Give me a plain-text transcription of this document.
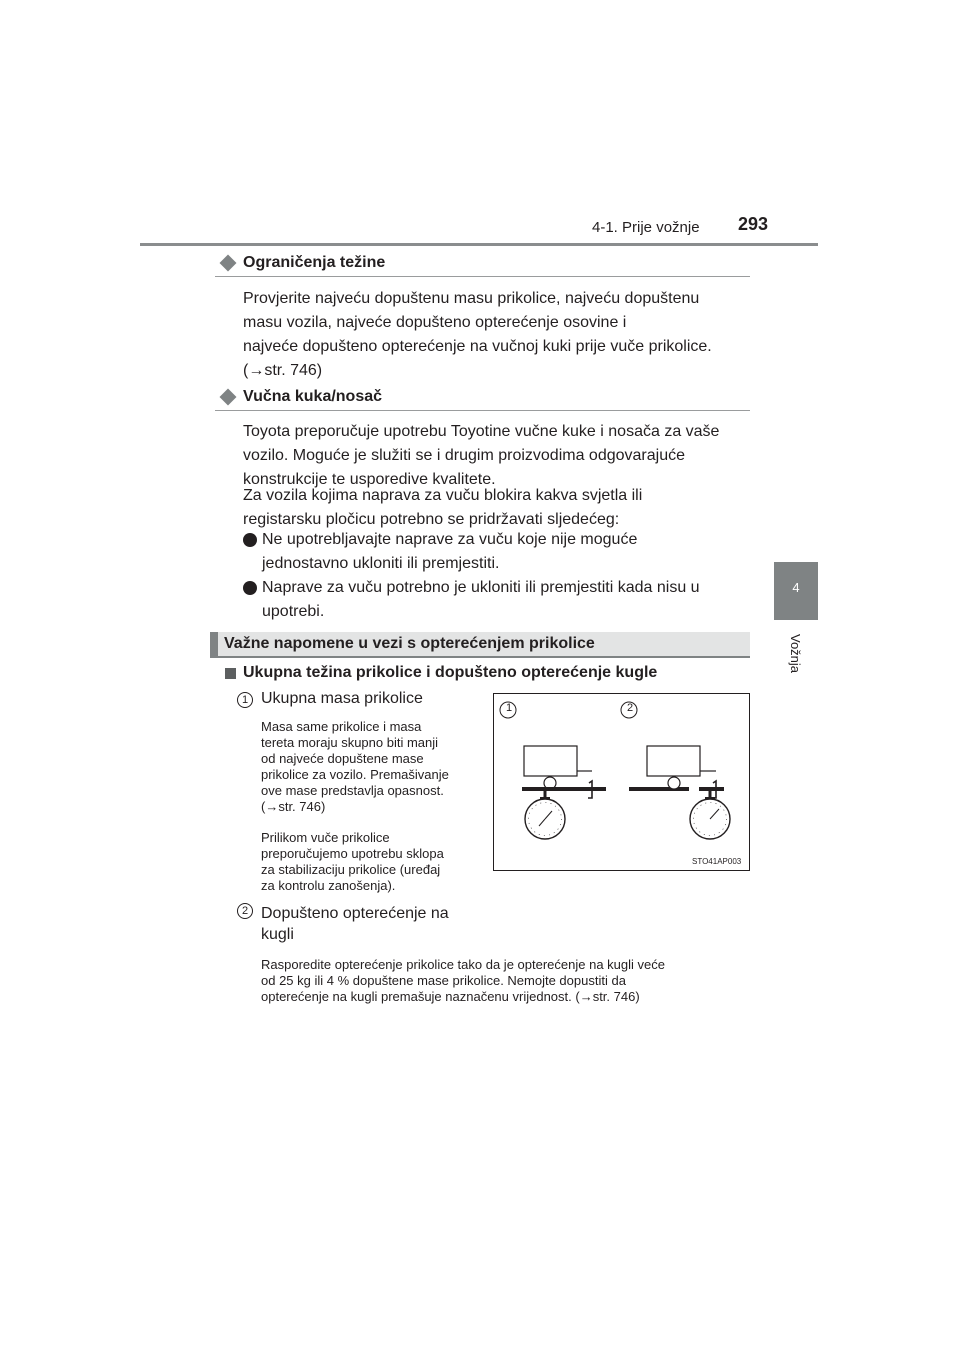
4-1. Prije vožnje 293
4
Vožnja
Ograničenja težine
Provjerite najveću dopuštenu masu prikolice, najveću dopuštenu
masu vozila, najveće dopušteno opterećenje osovine i
najveće dopušteno opterećenje na vučnoj kuki prije vuče prikolice.
(→str. 746)
Vučna kuka/nosač
Toyota preporučuje upotrebu Toyotine vučne kuke i nosača za vaše
vozilo. Moguće je služiti se i drugim proizvodima odgovarajuće
konstrukcije te usporedive kvalitete.
Za vozila kojima naprava za vuču blokira kakva svjetla ili
registarsku pločicu potrebno se pridržavati sljedećeg:
Ne upotrebljavajte naprave za vuču koje nije moguće
jednostavno ukloniti ili premjestiti.
Naprave za vuču potrebno je ukloniti ili premjestiti kada nisu u
upotrebi.
Važne napomene u vezi s opterećenjem prikolice
Ukupna težina prikolice i dopušteno opterećenje kugle
1 Ukupna masa prikolice
Masa same prikolice i masa
tereta moraju skupno biti manji
od najveće dopuštene mase
prikolice za vozilo. Premašivanje
ove mase predstavlja opasnost.
(→str. 746)
Prilikom vuče prikolice
preporučujemo upotrebu sklopa
za stabilizaciju prikolice (uređaj
za kontrolu zanošenja).
2 Dopušteno opterećenje na
kugli
Rasporedite opterećenje prikolice tako da je opterećenje na kugli veće
od 25 kg ili 4 % dopuštene mase prikolice. Nemojte dopustiti da
opterećenje na kugli premašuje naznačenu vrijednost. (→str. 746)
1	2
STO41AP003
